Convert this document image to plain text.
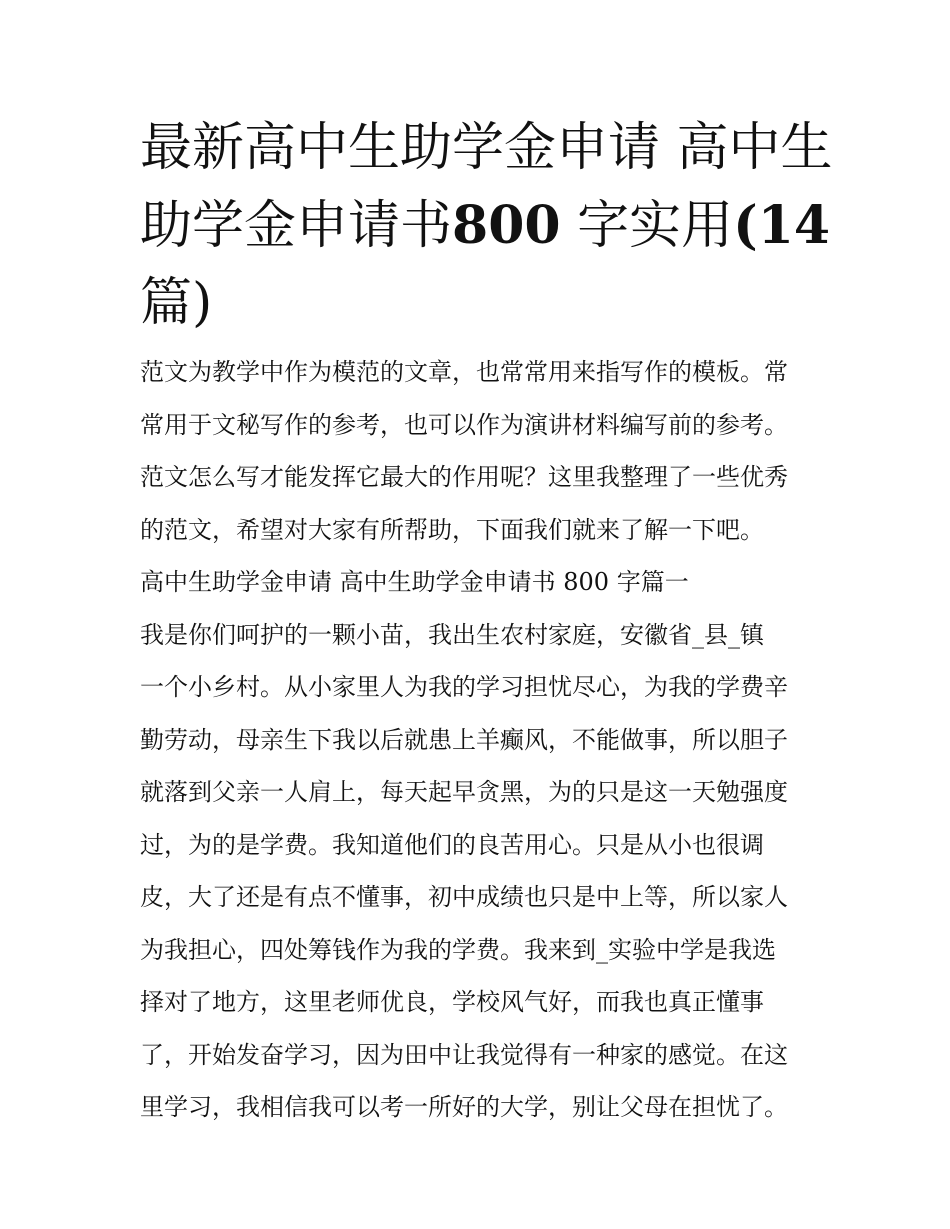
最新高中生助学金申请 高中生
助学金申请书800 字实用(14
篇)
范文为教学中作为模范的文章，也常常用来指写作的模板。常
常用于文秘写作的参考，也可以作为演讲材料编写前的参考。
范文怎么写才能发挥它最大的作用呢？这里我整理了一些优秀
的范文，希望对大家有所帮助，下面我们就来了解一下吧。
高中生助学金申请 高中生助学金申请书 800 字篇一
我是你们呵护的一颗小苗，我出生农村家庭，安徽省_县_镇
一个小乡村。从小家里人为我的学习担忧尽心，为我的学费辛
勤劳动，母亲生下我以后就患上羊癫风，不能做事，所以胆子
就落到父亲一人肩上，每天起早贪黑，为的只是这一天勉强度
过，为的是学费。我知道他们的良苦用心。只是从小也很调
皮，大了还是有点不懂事，初中成绩也只是中上等，所以家人
为我担心，四处筹钱作为我的学费。我来到_实验中学是我选
择对了地方，这里老师优良，学校风气好，而我也真正懂事
了，开始发奋学习，因为田中让我觉得有一种家的感觉。在这
里学习，我相信我可以考一所好的大学，别让父母在担忧了。
